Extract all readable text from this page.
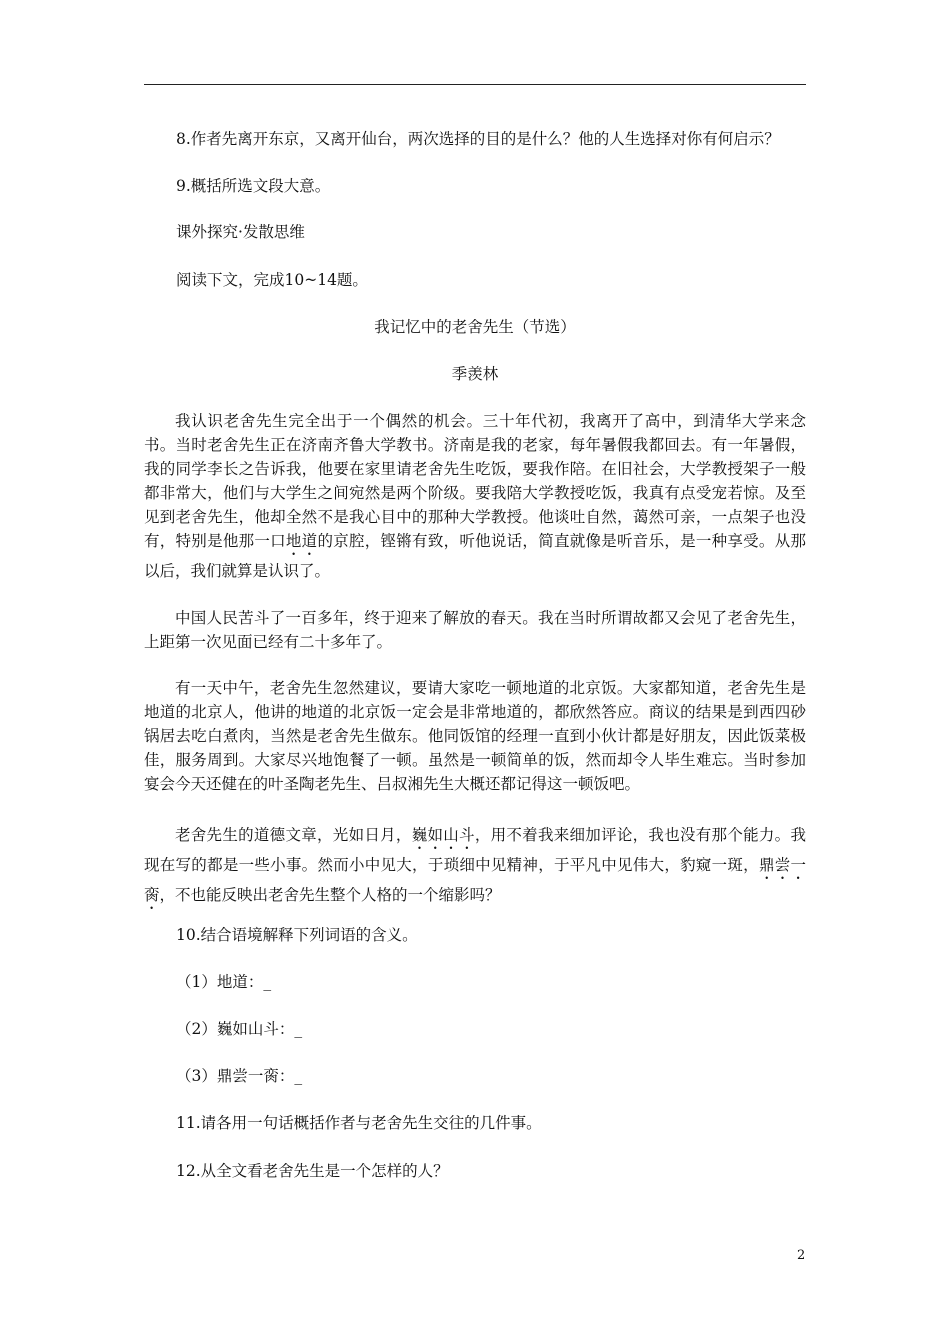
8.作者先离开东京，又离开仙台，两次选择的目的是什么？他的人生选择对你有何启示？
9.概括所选文段大意。
课外探究·发散思维
阅读下文，完成10~14题。
我记忆中的老舍先生（节选）
季羡林
我认识老舍先生完全出于一个偶然的机会。三十年代初，我离开了高中，到清华大学来念书。当时老舍先生正在济南齐鲁大学教书。济南是我的老家，每年暑假我都回去。有一年暑假，我的同学李长之告诉我，他要在家里请老舍先生吃饭，要我作陪。在旧社会，大学教授架子一般都非常大，他们与大学生之间宛然是两个阶级。要我陪大学教授吃饭，我真有点受宠若惊。及至见到老舍先生，他却全然不是我心目中的那种大学教授。他谈吐自然，蔼然可亲，一点架子也没有，特别是他那一口地道的京腔，铿锵有致，听他说话，简直就像是听音乐，是一种享受。从那以后，我们就算是认识了。
中国人民苦斗了一百多年，终于迎来了解放的春天。我在当时所谓故都又会见了老舍先生，上距第一次见面已经有二十多年了。
有一天中午，老舍先生忽然建议，要请大家吃一顿地道的北京饭。大家都知道，老舍先生是地道的北京人，他讲的地道的北京饭一定会是非常地道的，都欣然答应。商议的结果是到西四砂锅居去吃白煮肉，当然是老舍先生做东。他同饭馆的经理一直到小伙计都是好朋友，因此饭菜极佳，服务周到。大家尽兴地饱餐了一顿。虽然是一顿简单的饭，然而却令人毕生难忘。当时参加宴会今天还健在的叶圣陶老先生、吕叔湘先生大概还都记得这一顿饭吧。
老舍先生的道德文章，光如日月，巍如山斗，用不着我来细加评论，我也没有那个能力。我现在写的都是一些小事。然而小中见大，于琐细中见精神，于平凡中见伟大，豹窥一斑，鼎尝一脔，不也能反映出老舍先生整个人格的一个缩影吗？
10.结合语境解释下列词语的含义。
（1）地道：_
（2）巍如山斗：_
（3）鼎尝一脔：_
11.请各用一句话概括作者与老舍先生交往的几件事。
12.从全文看老舍先生是一个怎样的人？
2
